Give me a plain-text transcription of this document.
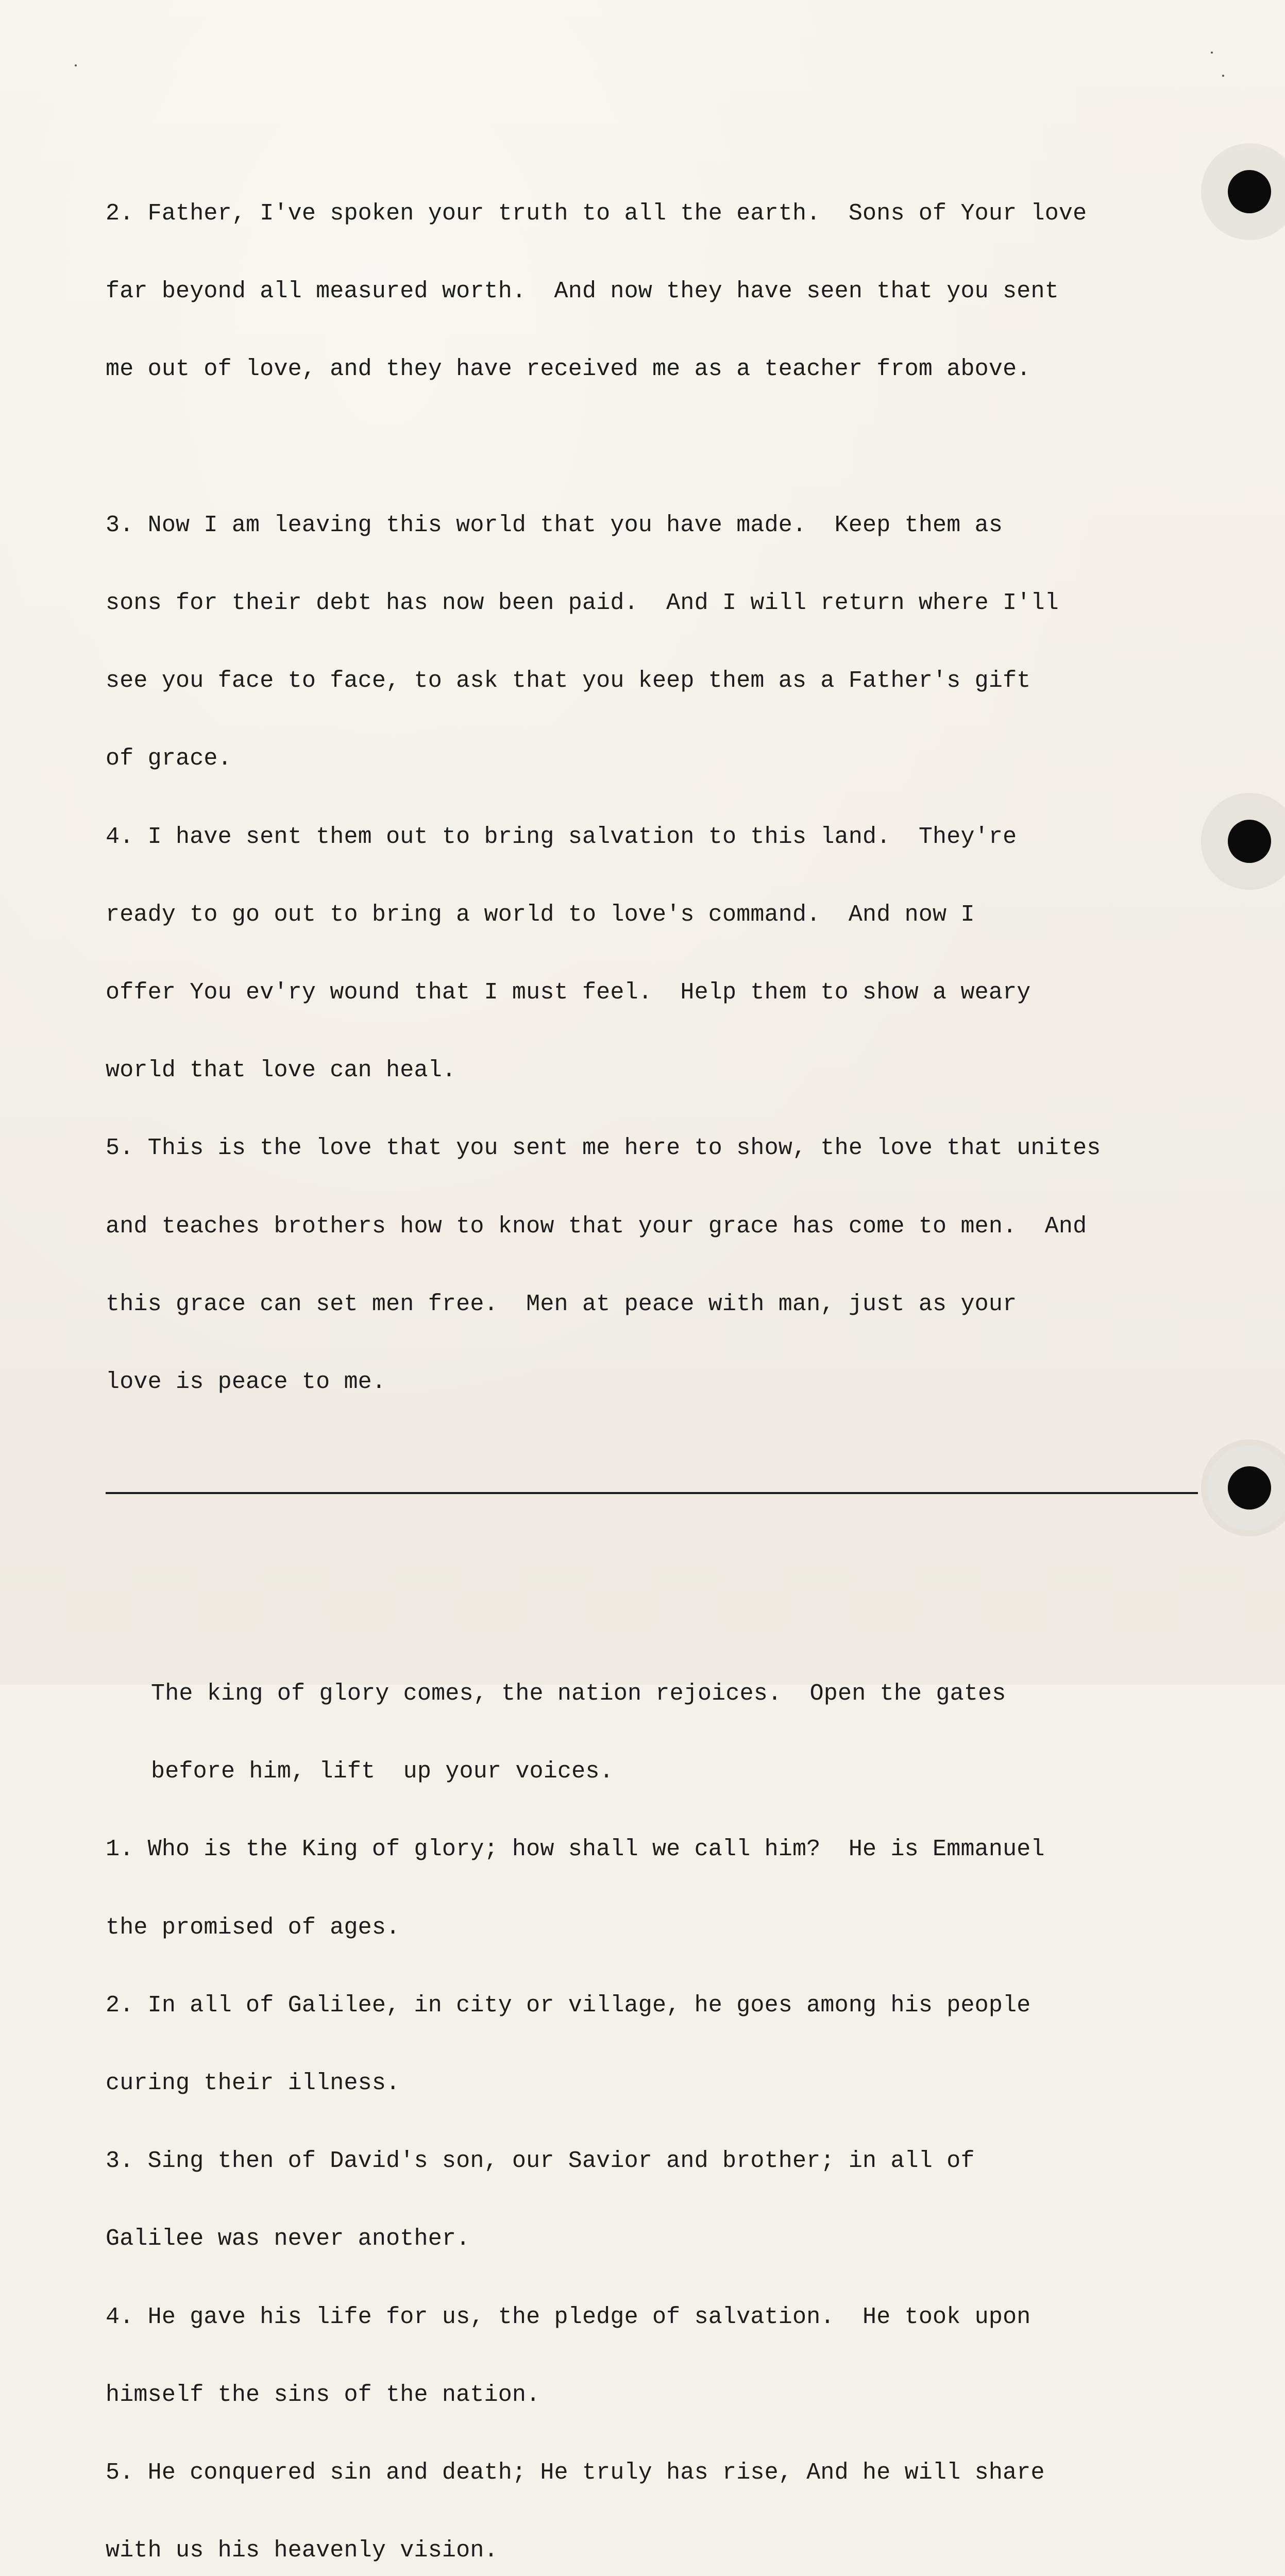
2. Father, I've spoken your truth to all the earth.  Sons of Your love

far beyond all measured worth.  And now they have seen that you sent

me out of love, and they have received me as a teacher from above.

3. Now I am leaving this world that you have made.  Keep them as

sons for their debt has now been paid.  And I will return where I'll

see you face to face, to ask that you keep them as a Father's gift

of grace.

4. I have sent them out to bring salvation to this land.  They're

ready to go out to bring a world to love's command.  And now I

offer You ev'ry wound that I must feel.  Help them to show a weary

world that love can heal.

5. This is the love that you sent me here to show, the love that unites

and teaches brothers how to know that your grace has come to men.  And

this grace can set men free.  Men at peace with man, just as your

love is peace to me.

The king of glory comes, the nation rejoices.  Open the gates

before him, lift  up your voices.

1. Who is the King of glory; how shall we call him?  He is Emmanuel

the promised of ages.

2. In all of Galilee, in city or village, he goes among his people

curing their illness.

3. Sing then of David's son, our Savior and brother; in all of

Galilee was never another.

4. He gave his life for us, the pledge of salvation.  He took upon

himself the sins of the nation.

5. He conquered sin and death; He truly has rise, And he will share

with us his heavenly vision.
